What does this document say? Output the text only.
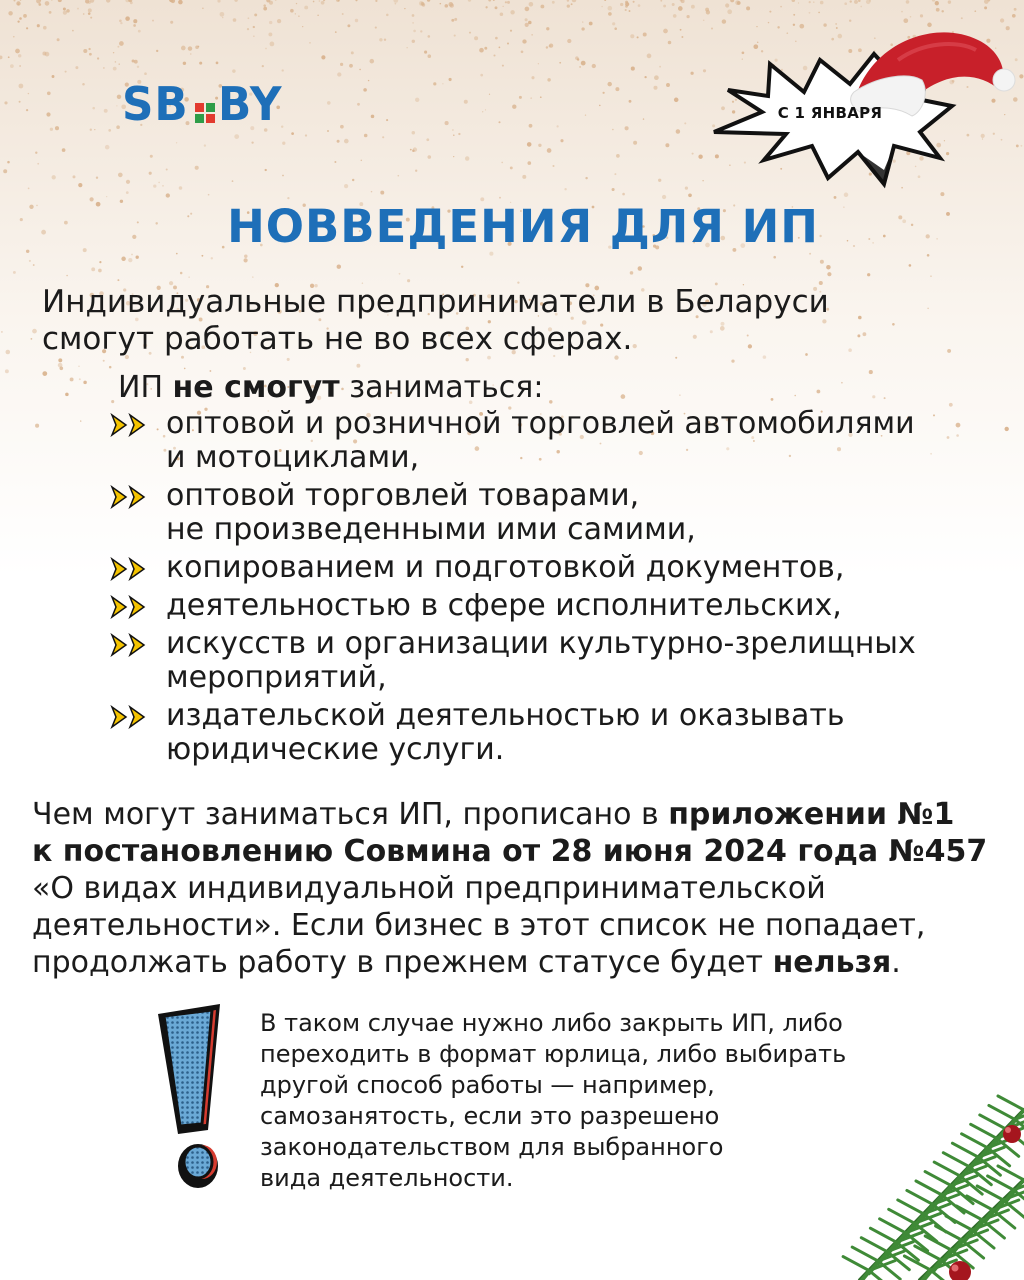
SB BY	С 1 ЯНВАРЯ
НОВВЕДЕНИЯ ДЛЯ ИП
Индивидуальные предприниматели в Беларуси
смогут работать не во всех сферах.
ИП не смогут заниматься:
оптовой и розничной торговлей автомобилями
и мотоциклами,
оптовой торговлей товарами,
не произведенными ими самими,
копированием и подготовкой документов,
деятельностью в сфере исполнительских,
искусств и организации культурно-зрелищных
мероприятий,
издательской деятельностью и оказывать
юридические услуги.
Чем могут заниматься ИП, прописано в приложении №1
к постановлению Совмина от 28 июня 2024 года №457
«О видах индивидуальной предпринимательской
деятельности». Если бизнес в этот список не попадает,
продолжать работу в прежнем статусе будет нельзя.
В таком случае нужно либо закрыть ИП, либо
переходить в формат юрлица, либо выбирать
другой способ работы — например,
самозанятость, если это разрешено
законодательством для выбранного
вида деятельности.
